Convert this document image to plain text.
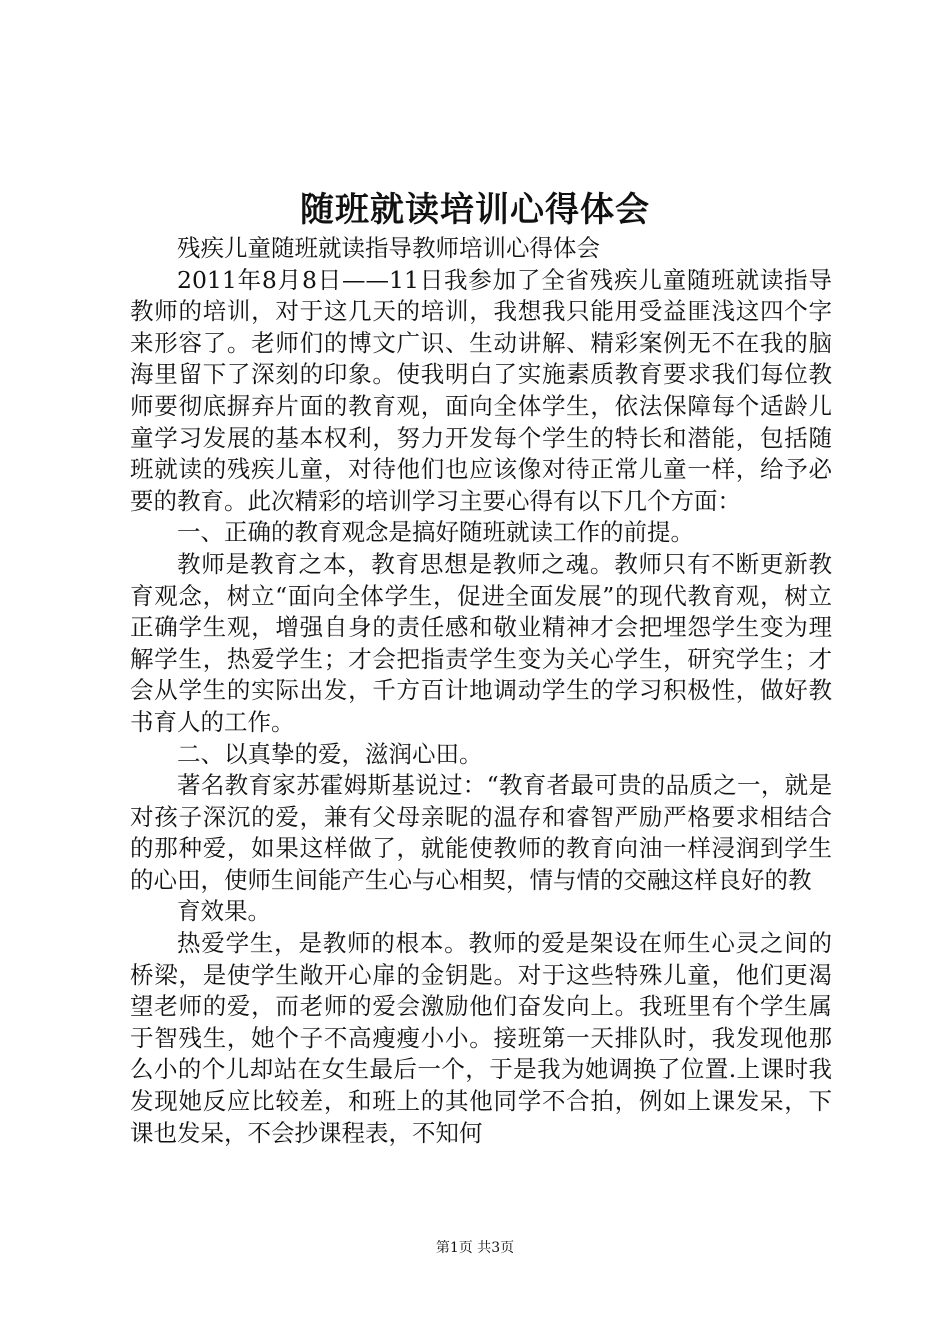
随班就读培训心得体会

残疾儿童随班就读指导教师培训心得体会

2011年8月8日——11日我参加了全省残疾儿童随班就读指导教师的培训，对于这几天的培训，我想我只能用受益匪浅这四个字来形容了。老师们的博文广识、生动讲解、精彩案例无不在我的脑海里留下了深刻的印象。使我明白了实施素质教育要求我们每位教师要彻底摒弃片面的教育观，面向全体学生，依法保障每个适龄儿童学习发展的基本权利，努力开发每个学生的特长和潜能，包括随班就读的残疾儿童，对待他们也应该像对待正常儿童一样，给予必要的教育。此次精彩的培训学习主要心得有以下几个方面：

一、正确的教育观念是搞好随班就读工作的前提。

教师是教育之本，教育思想是教师之魂。教师只有不断更新教育观念，树立“面向全体学生，促进全面发展”的现代教育观，树立正确学生观，增强自身的责任感和敬业精神才会把埋怨学生变为理解学生，热爱学生；才会把指责学生变为关心学生，研究学生；才会从学生的实际出发，千方百计地调动学生的学习积极性，做好教书育人的工作。

二、以真挚的爱，滋润心田。

著名教育家苏霍姆斯基说过：“教育者最可贵的品质之一，就是对孩子深沉的爱，兼有父母亲昵的温存和睿智严励严格要求相结合的那种爱，如果这样做了，就能使教师的教育向油一样浸润到学生的心田，使师生间能产生心与心相契，情与情的交融这样良好的教

育效果。

热爱学生，是教师的根本。教师的爱是架设在师生心灵之间的桥梁，是使学生敞开心扉的金钥匙。对于这些特殊儿童，他们更渴望老师的爱，而老师的爱会激励他们奋发向上。我班里有个学生属于智残生，她个子不高瘦瘦小小。接班第一天排队时，我发现他那么小的个儿却站在女生最后一个，于是我为她调换了位置.上课时我发现她反应比较差，和班上的其他同学不合拍，例如上课发呆，下课也发呆，不会抄课程表，不知何

第1页 共3页
